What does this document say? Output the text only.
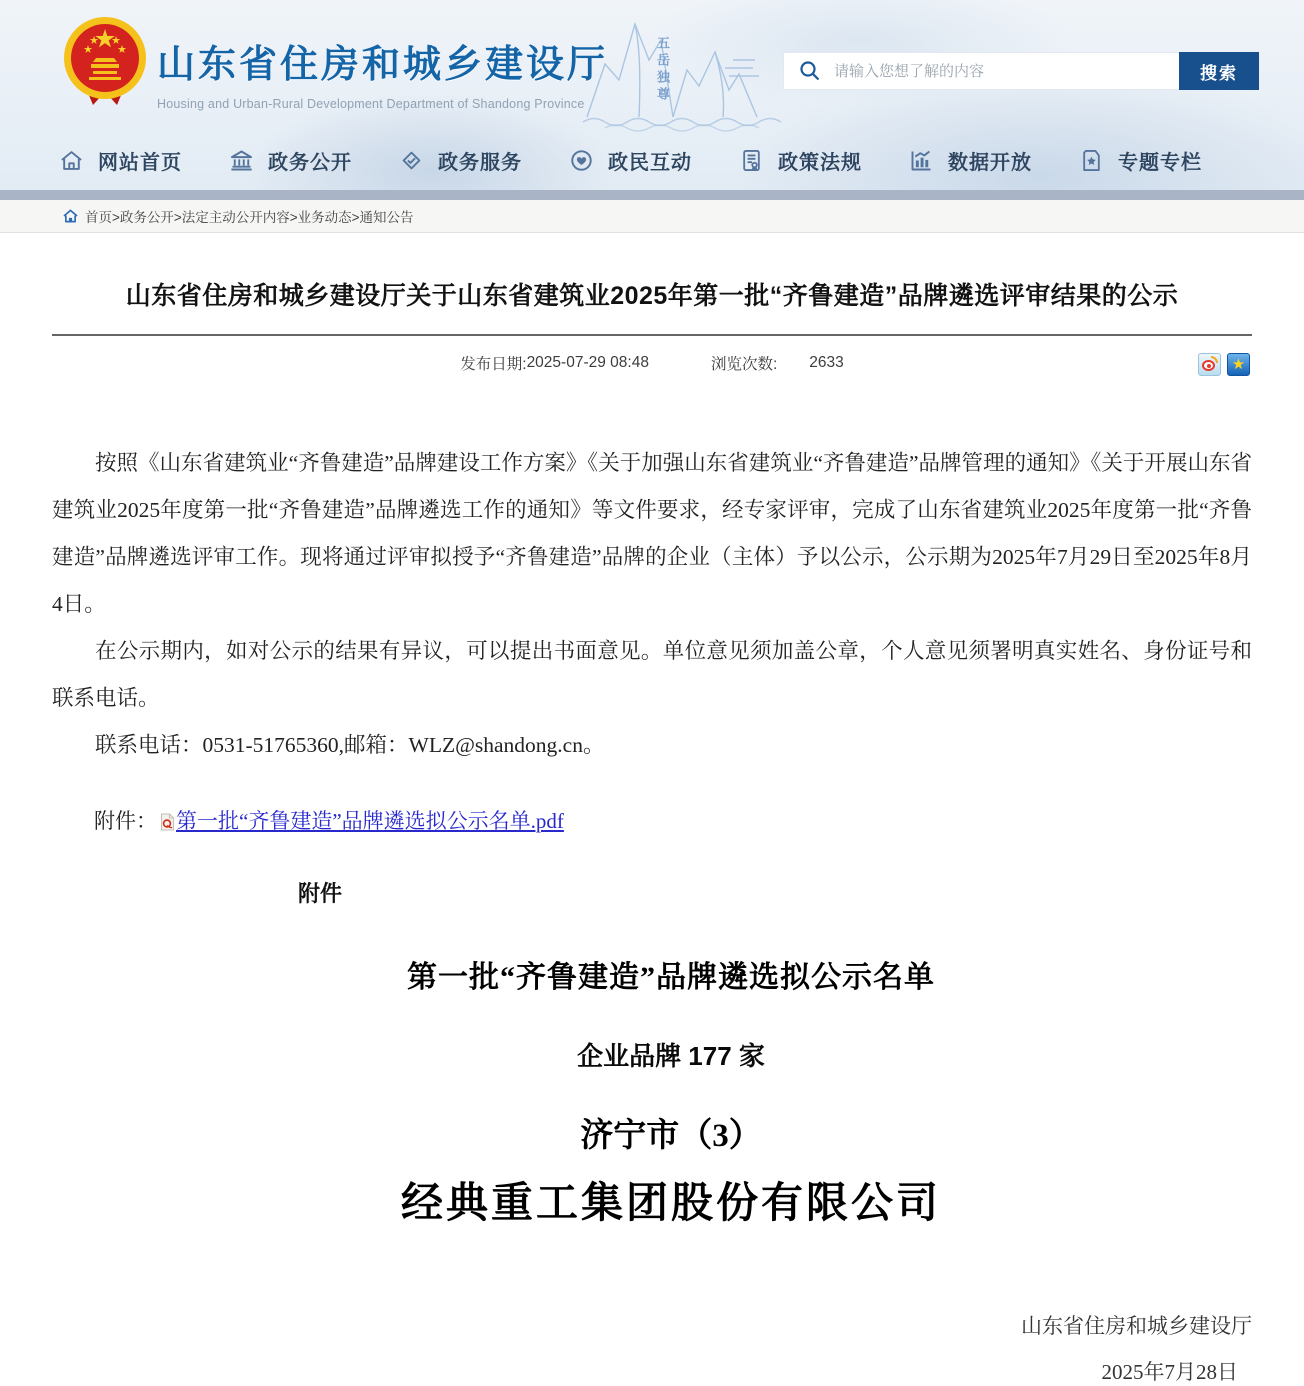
山东省住房和城乡建设厅
Housing and Urban-Rural Development Department of Shandong Province	五岳独尊
请输入您想了解的内容	搜索
网站首页	政务公开	政务服务	政民互动	政策法规	数据开放	专题专栏
首页>政务公开>法定主动公开内容>业务动态>通知公告
山东省住房和城乡建设厅关于山东省建筑业2025年第一批“齐鲁建造”品牌遴选评审结果的公示
发布日期: 2025-07-29 08:48	浏览次数: 2633
★

按照《山东省建筑业“齐鲁建造”品牌建设工作方案》《关于加强山东省建筑业“齐鲁建造”品牌管理的通知》《关于开展山东省建筑业2025年度第一批“齐鲁建造”品牌遴选工作的通知》等文件要求，经专家评审，完成了山东省建筑业2025年度第一批“齐鲁建造”品牌遴选评审工作。现将通过评审拟授予“齐鲁建造”品牌的企业（主体）予以公示，公示期为2025年7月29日至2025年8月4日。

在公示期内，如对公示的结果有异议，可以提出书面意见。单位意见须加盖公章，个人意见须署明真实姓名、身份证号和联系电话。

联系电话：0531-51765360,邮箱：WLZ@shandong.cn。

附件： 第一批“齐鲁建造”品牌遴选拟公示名单.pdf
附件
第一批“齐鲁建造”品牌遴选拟公示名单
企业品牌 177 家
济宁市（3）
经典重工集团股份有限公司
山东省住房和城乡建设厅
2025年7月28日
